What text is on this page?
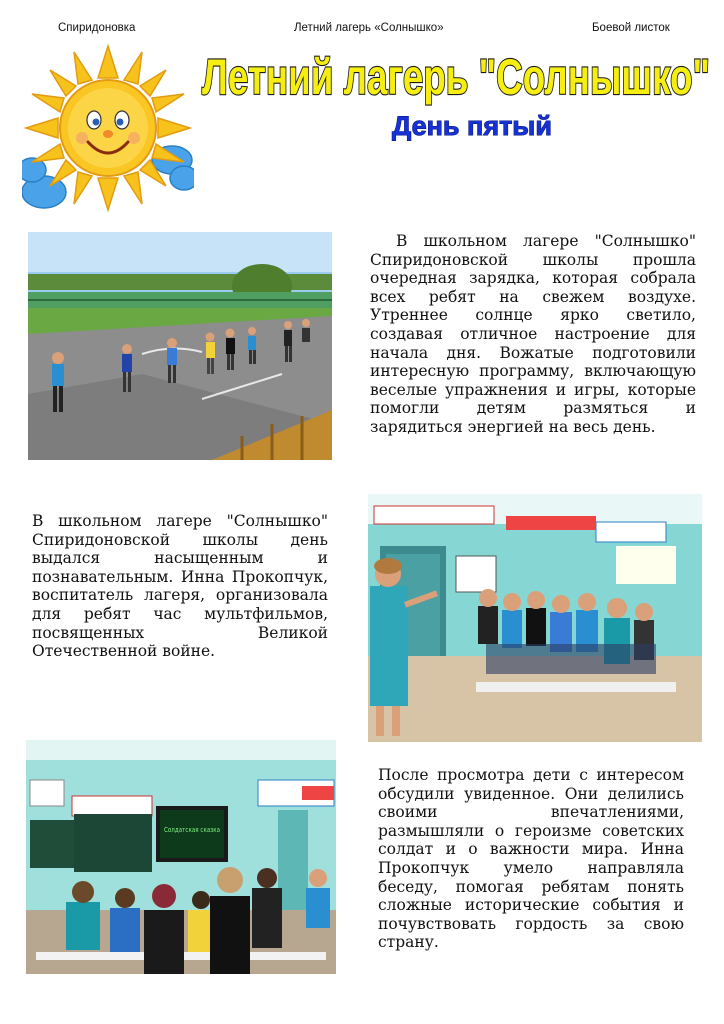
Спиридоновка	Летний лагерь «Солнышко»	Боевой листок
Летний лагерь "Солнышко"
День пятый

В школьном лагере "Солнышко" Спиридоновской школы прошла очередная зарядка, которая собрала всех ребят на свежем воздухе. Утреннее солнце ярко светило, создавая отличное настроение для начала дня. Вожатые подготовили интересную программу, включающую веселые упражнения и игры, которые помогли детям размяться и зарядиться энергией на весь день.

В школьном лагере "Солнышко" Спиридоновской школы день выдался насыщенным и познавательным. Инна Прокопчук, воспитатель лагеря, организовала для ребят час мультфильмов, посвященных Великой Отечественной войне.

Солдатская сказка

После просмотра дети с интересом обсудили увиденное. Они делились своими впечатлениями, размышляли о героизме советских солдат и о важности мира. Инна Прокопчук умело направляла беседу, помогая ребятам понять сложные исторические события и почувствовать гордость за свою страну.
